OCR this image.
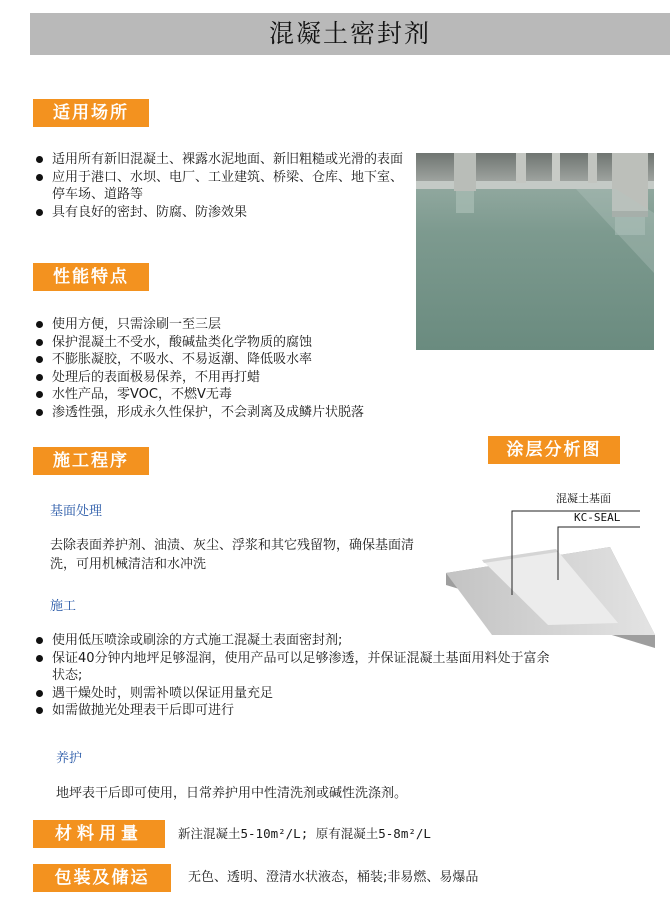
混凝土密封剂
适用场所
适用所有新旧混凝土、裸露水泥地面、新旧粗糙或光滑的表面
应用于港口、水坝、电厂、工业建筑、桥梁、仓库、地下室、停车场、道路等
具有良好的密封、防腐、防渗效果
性能特点
使用方便，只需涂刷一至三层
保护混凝土不受水，酸碱盐类化学物质的腐蚀
不膨胀凝胶，不吸水、不易返潮、降低吸水率
处理后的表面极易保养，不用再打蜡
水性产品，零VOC，不燃V无毒
渗透性强，形成永久性保护，不会剥离及成鳞片状脱落
涂层分析图
施工程序
基面处理
去除表面养护剂、油渍、灰尘、浮浆和其它残留物，确保基面清洗，可用机械清洁和水冲洗
施工
使用低压喷涂或刷涂的方式施工混凝土表面密封剂;
保证40分钟内地坪足够湿润，使用产品可以足够渗透，并保证混凝土基面用料处于富余状态;
遇干燥处时，则需补喷以保证用量充足
如需做抛光处理表干后即可进行
养护
地坪表干后即可使用，日常养护用中性清洗剂或碱性洗涤剂。
混凝土基面
KC-SEAL
材料用量	新注混凝土5-10m²/L; 原有混凝土5-8m²/L
包装及储运	无色、透明、澄清水状液态，桶装;非易燃、易爆品
